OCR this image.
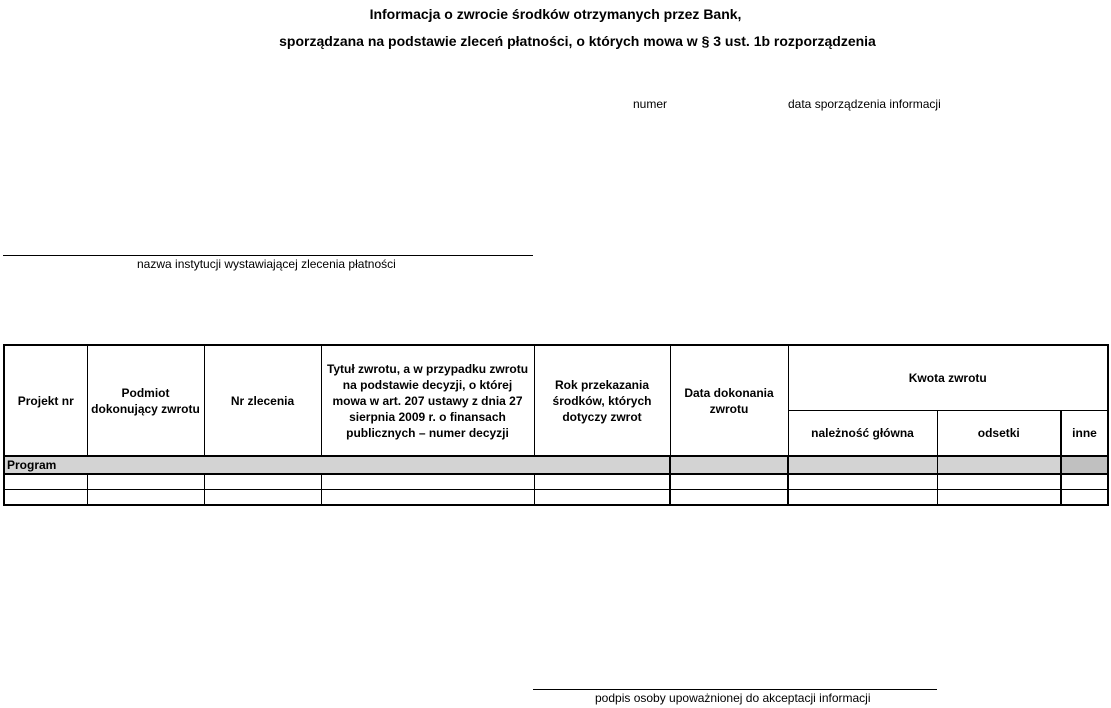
Informacja o zwrocie środków otrzymanych przez Bank,
sporządzana na podstawie zleceń płatności, o których mowa w § 3 ust. 1b rozporządzenia
numer	data sporządzenia informacji
nazwa instytucji wystawiającej zlecenia płatności
Projekt nr	Podmiot dokonujący zwrotu	Nr zlecenia	Tytuł zwrotu, a w przypadku zwrotu na podstawie decyzji, o której mowa w art. 207 ustawy z dnia 27 sierpnia 2009 r. o finansach publicznych – numer decyzji	Rok przekazania środków, których dotyczy zwrot	Data dokonania zwrotu	Kwota zwrotu		
						należność główna	odsetki	inne
Program								

podpis osoby upoważnionej do akceptacji informacji
